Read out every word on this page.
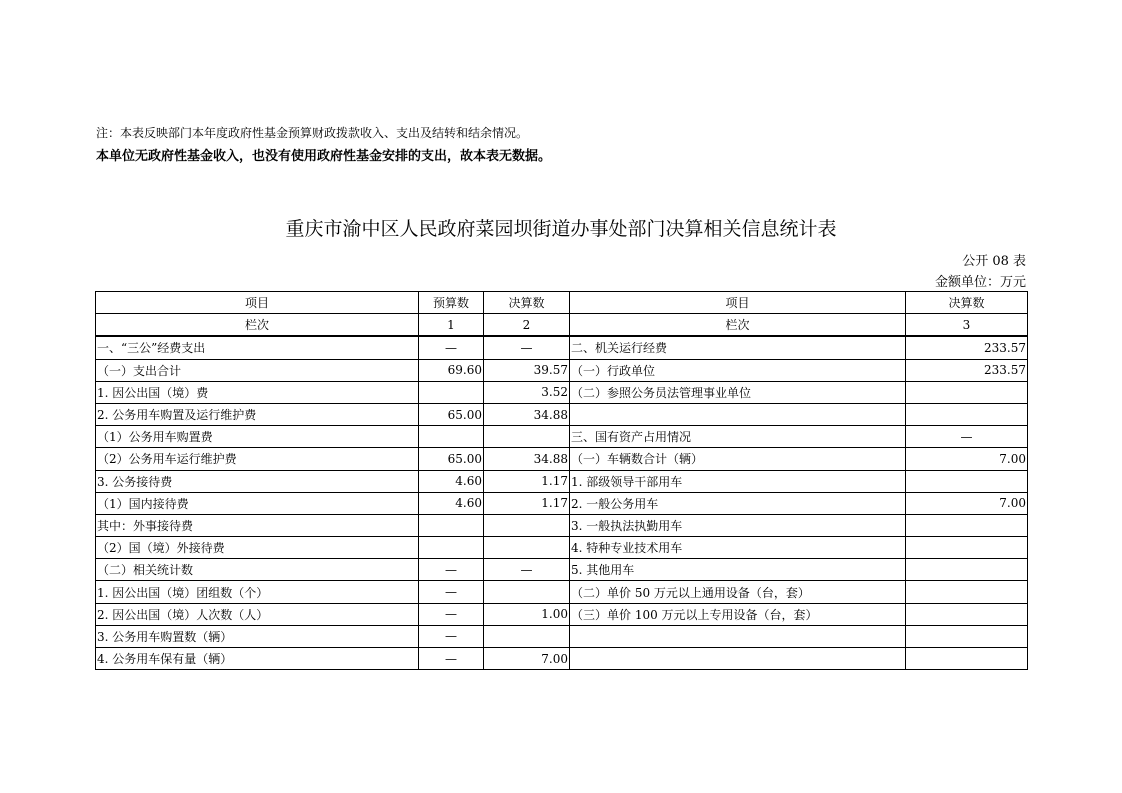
注：本表反映部门本年度政府性基金预算财政拨款收入、支出及结转和结余情况。
本单位无政府性基金收入，也没有使用政府性基金安排的支出，故本表无数据。
重庆市渝中区人民政府菜园坝街道办事处部门决算相关信息统计表
公开 08 表
金额单位：万元
项目	预算数	决算数	项目	决算数
栏次	1	2	栏次	3
一、“三公”经费支出	—	—	二、机关运行经费	233.57
（一）支出合计	69.60	39.57	（一）行政单位	233.57
1. 因公出国（境）费		3.52	（二）参照公务员法管理事业单位	
2. 公务用车购置及运行维护费	65.00	34.88		
（1）公务用车购置费			三、国有资产占用情况	—
（2）公务用车运行维护费	65.00	34.88	（一）车辆数合计（辆）	7.00
3. 公务接待费	4.60	1.17	1. 部级领导干部用车	
（1）国内接待费	4.60	1.17	2. 一般公务用车	7.00
其中：外事接待费			3. 一般执法执勤用车	
（2）国（境）外接待费			4. 特种专业技术用车	
（二）相关统计数	—	—	5. 其他用车	
1. 因公出国（境）团组数（个）	—		（二）单价 50 万元以上通用设备（台，套）	
2. 因公出国（境）人次数（人）	—	1.00	（三）单价 100 万元以上专用设备（台，套）	
3. 公务用车购置数（辆）	—			
4. 公务用车保有量（辆）	—	7.00		
